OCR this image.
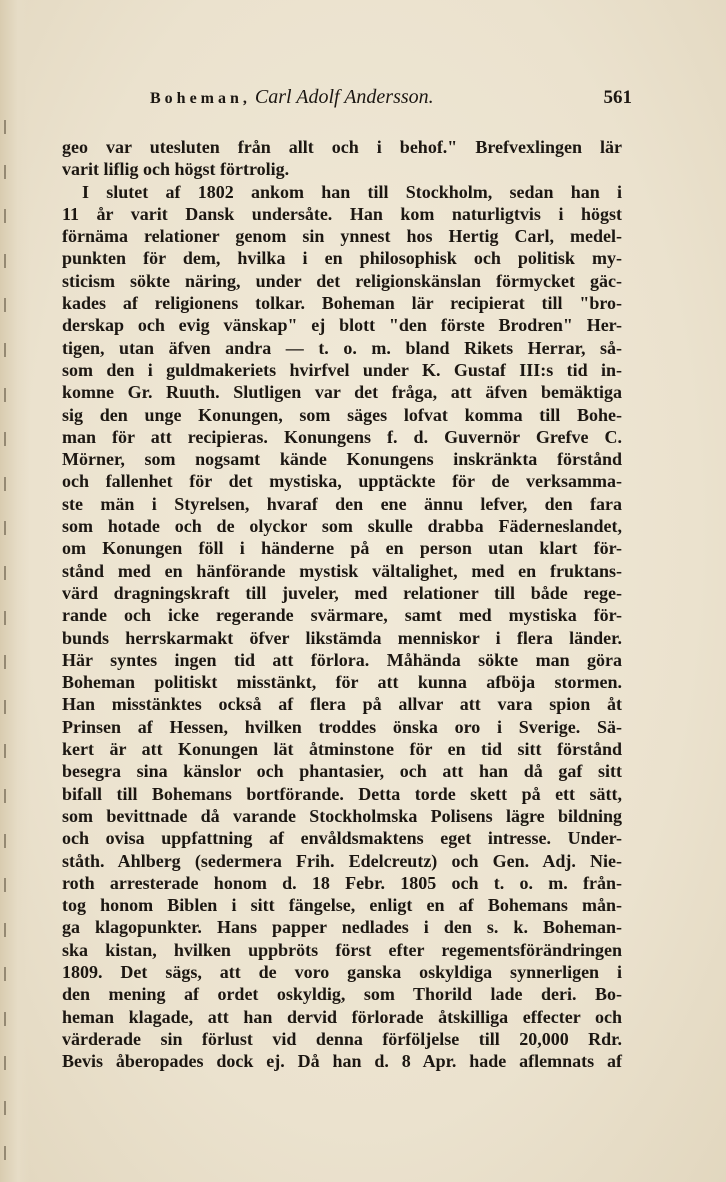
Boheman, Carl Adolf Andersson.	561
geo var utesluten från allt och i behof." Brefvexlingen lär
varit liflig och högst förtrolig.
I slutet af 1802 ankom han till Stockholm, sedan han i
11 år varit Dansk undersåte. Han kom naturligtvis i högst
förnäma relationer genom sin ynnest hos Hertig Carl, medel-
punkten för dem, hvilka i en philosophisk och politisk my-
sticism sökte näring, under det religionskänslan förmycket gäc-
kades af religionens tolkar. Boheman lär recipierat till "bro-
derskap och evig vänskap" ej blott "den förste Brodren" Her-
tigen, utan äfven andra — t. o. m. bland Rikets Herrar, så-
som den i guldmakeriets hvirfvel under K. Gustaf III:s tid in-
komne Gr. Ruuth. Slutligen var det fråga, att äfven bemäktiga
sig den unge Konungen, som säges lofvat komma till Bohe-
man för att recipieras. Konungens f. d. Guvernör Grefve C.
Mörner, som nogsamt kände Konungens inskränkta förstånd
och fallenhet för det mystiska, upptäckte för de verksamma-
ste män i Styrelsen, hvaraf den ene ännu lefver, den fara
som hotade och de olyckor som skulle drabba Fäderneslandet,
om Konungen föll i händerne på en person utan klart för-
stånd med en hänförande mystisk vältalighet, med en fruktans-
värd dragningskraft till juveler, med relationer till både rege-
rande och icke regerande svärmare, samt med mystiska för-
bunds herrskarmakt öfver likstämda menniskor i flera länder.
Här syntes ingen tid att förlora. Måhända sökte man göra
Boheman politiskt misstänkt, för att kunna afböja stormen.
Han misstänktes också af flera på allvar att vara spion åt
Prinsen af Hessen, hvilken troddes önska oro i Sverige. Sä-
kert är att Konungen lät åtminstone för en tid sitt förstånd
besegra sina känslor och phantasier, och att han då gaf sitt
bifall till Bohemans bortförande. Detta torde skett på ett sätt,
som bevittnade då varande Stockholmska Polisens lägre bildning
och ovisa uppfattning af envåldsmaktens eget intresse. Under-
ståth. Ahlberg (sedermera Frih. Edelcreutz) och Gen. Adj. Nie-
roth arresterade honom d. 18 Febr. 1805 och t. o. m. från-
tog honom Biblen i sitt fängelse, enligt en af Bohemans mån-
ga klagopunkter. Hans papper nedlades i den s. k. Boheman-
ska kistan, hvilken uppbröts först efter regementsförändringen
1809. Det sägs, att de voro ganska oskyldiga synnerligen i
den mening af ordet oskyldig, som Thorild lade deri. Bo-
heman klagade, att han dervid förlorade åtskilliga effecter och
värderade sin förlust vid denna förföljelse till 20,000 Rdr.
Bevis åberopades dock ej. Då han d. 8 Apr. hade aflemnats af
